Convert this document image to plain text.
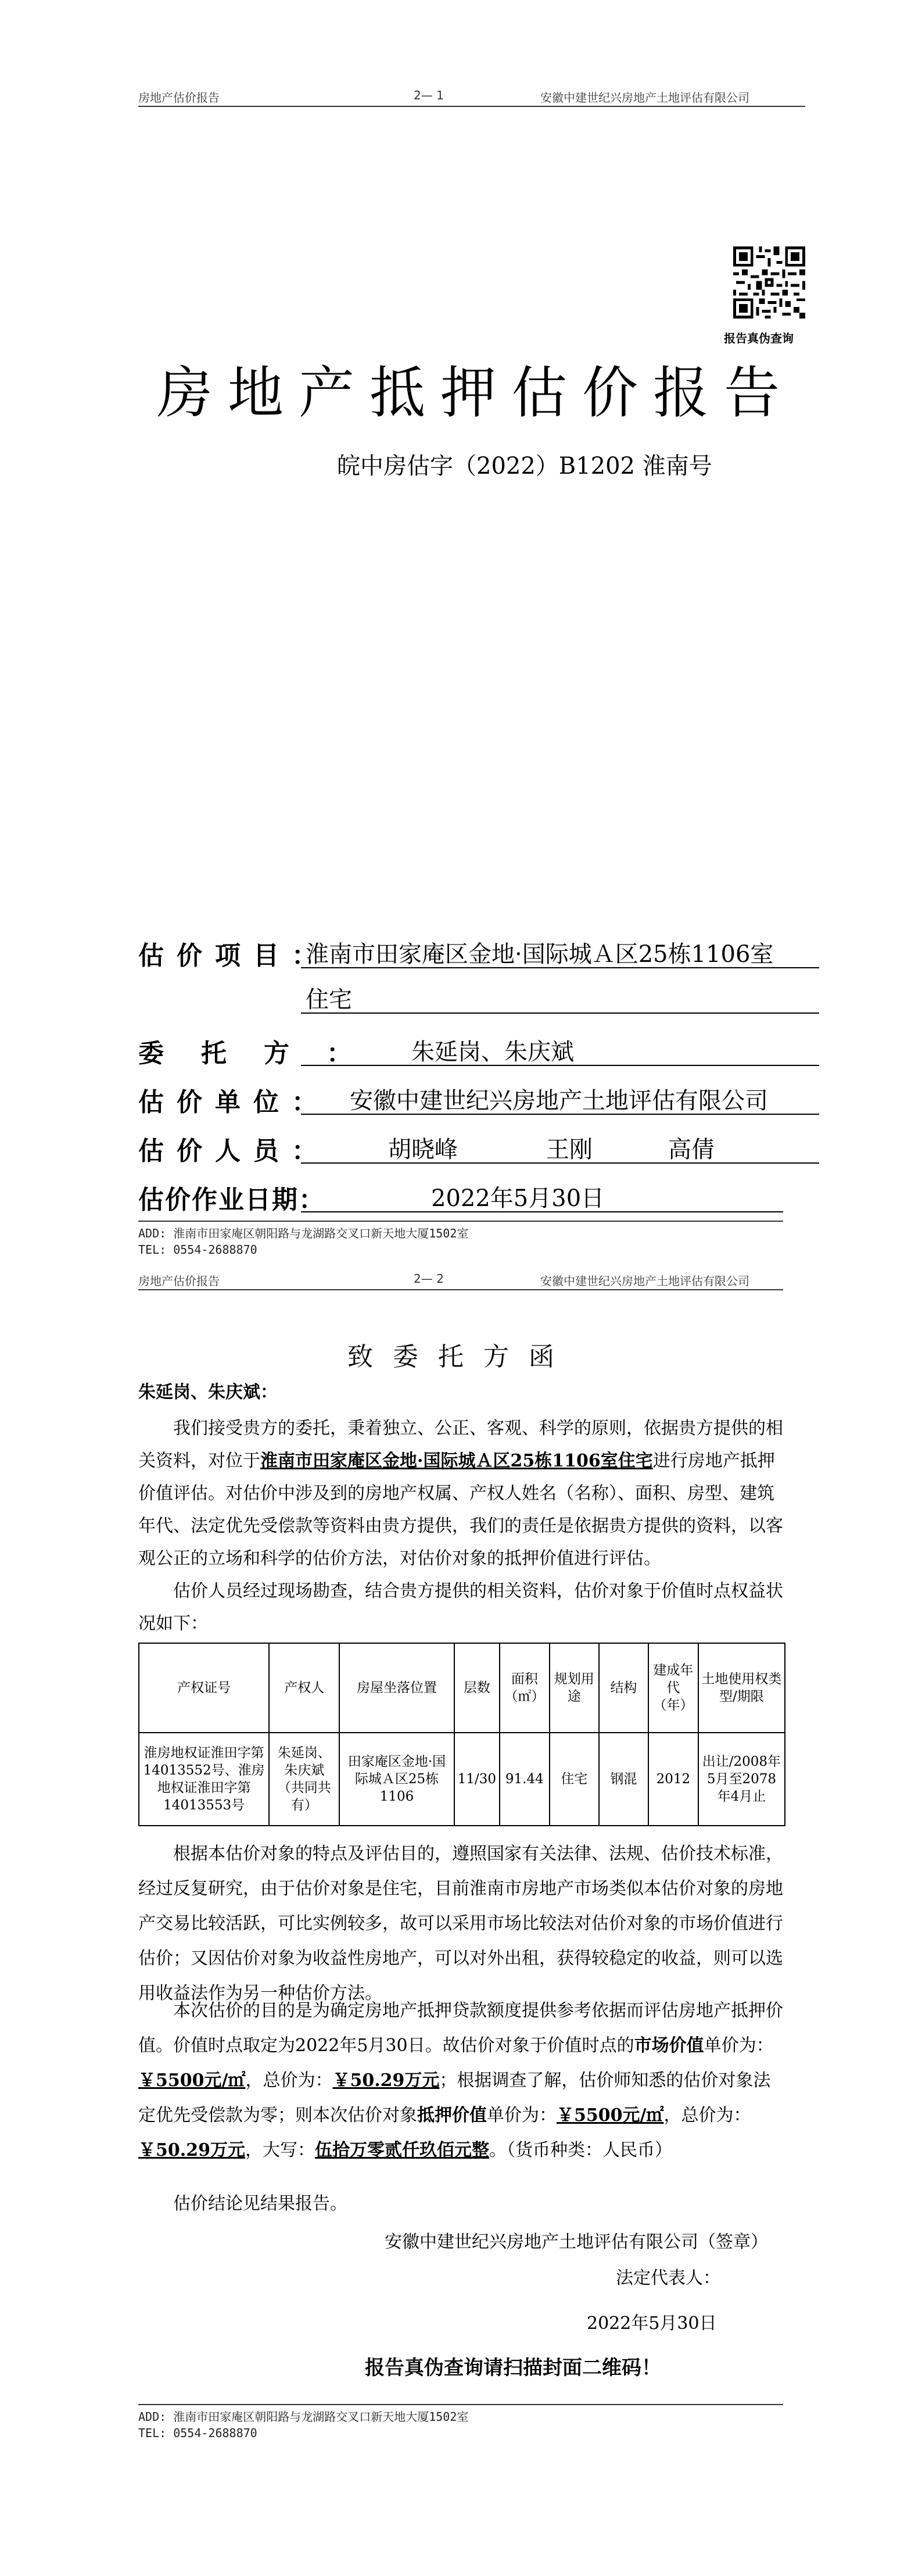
房地产估价报告	2— 1	安徽中建世纪兴房地产土地评估有限公司
报告真伪查询
房地产抵押估价报告
皖中房估字（2022）B1202 淮南号
估价项目：
淮南市田家庵区金地·国际城Ａ区25栋1106室
住宅
委托方： 朱延岗、朱庆斌
估价单位： 安徽中建世纪兴房地产土地评估有限公司
估价人员：	胡晓峰	王刚	高倩
估价作业日期：	2022年5月30日
ADD: 淮南市田家庵区朝阳路与龙湖路交叉口新天地大厦1502室
TEL: 0554-2688870
房地产估价报告	2— 2	安徽中建世纪兴房地产土地评估有限公司
致委托方函
朱延岗、朱庆斌：
我们接受贵方的委托，秉着独立、公正、客观、科学的原则，依据贵方提供的相关资料，对位于淮南市田家庵区金地·国际城Ａ区25栋1106室住宅进行房地产抵押价值评估。对估价中涉及到的房地产权属、产权人姓名（名称）、面积、房型、建筑年代、法定优先受偿款等资料由贵方提供，我们的责任是依据贵方提供的资料，以客观公正的立场和科学的估价方法，对估价对象的抵押价值进行评估。
估价人员经过现场勘查，结合贵方提供的相关资料，估价对象于价值时点权益状况如下：
产权证号	产权人	房屋坐落位置	层数	面积（㎡）	规划用途	结构	建成年代（年）	土地使用权类型/期限
淮房地权证淮田字第14013552号、淮房地权证淮田字第14013553号	朱延岗、朱庆斌（共同共有）	田家庵区金地·国际城Ａ区25栋1106	11/30	91.44	住宅	钢混	2012	出让/2008年5月至2078年4月止
根据本估价对象的特点及评估目的，遵照国家有关法律、法规、估价技术标准，经过反复研究，由于估价对象是住宅，目前淮南市房地产市场类似本估价对象的房地产交易比较活跃，可比实例较多，故可以采用市场比较法对估价对象的市场价值进行估价；又因估价对象为收益性房地产，可以对外出租，获得较稳定的收益，则可以选用收益法作为另一种估价方法。
本次估价的目的是为确定房地产抵押贷款额度提供参考依据而评估房地产抵押价值。价值时点取定为2022年5月30日。故估价对象于价值时点的市场价值单价为：￥5500元/㎡，总价为：￥50.29万元；根据调查了解，估价师知悉的估价对象法定优先受偿款为零；则本次估价对象抵押价值单价为：￥5500元/㎡，总价为：￥50.29万元，大写：伍拾万零贰仟玖佰元整。（货币种类：人民币）
估价结论见结果报告。
安徽中建世纪兴房地产土地评估有限公司（签章）
法定代表人：
2022年5月30日
报告真伪查询请扫描封面二维码！
ADD: 淮南市田家庵区朝阳路与龙湖路交叉口新天地大厦1502室
TEL: 0554-2688870
